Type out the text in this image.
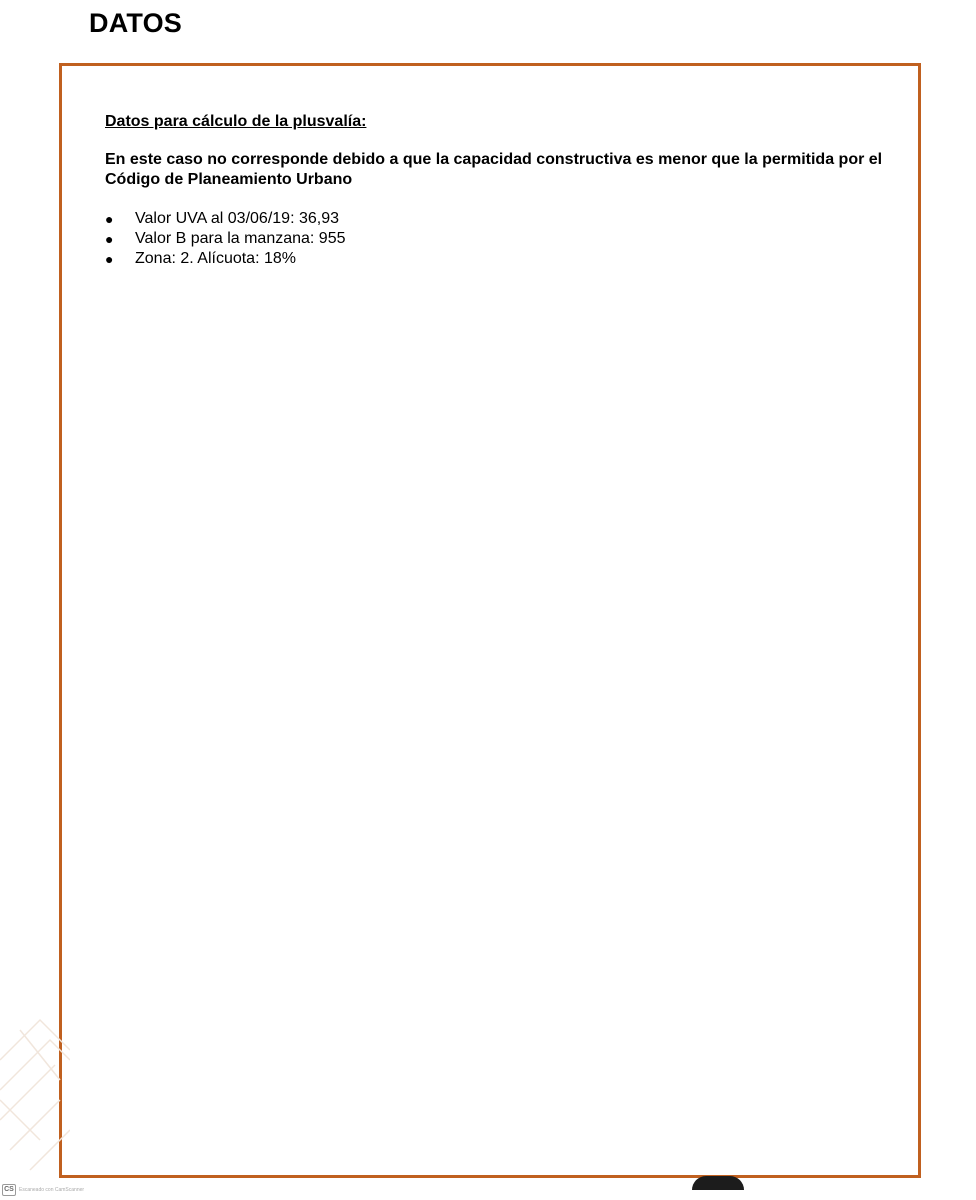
DATOS

Datos para cálculo de la plusvalía:

En este caso no corresponde debido a que la capacidad constructiva es menor que la permitida por el Código de Planeamiento Urbano

● Valor UVA al 03/06/19: 36,93
● Valor B para la manzana: 955
● Zona: 2. Alícuota: 18%
CS	Escaneado con CamScanner
